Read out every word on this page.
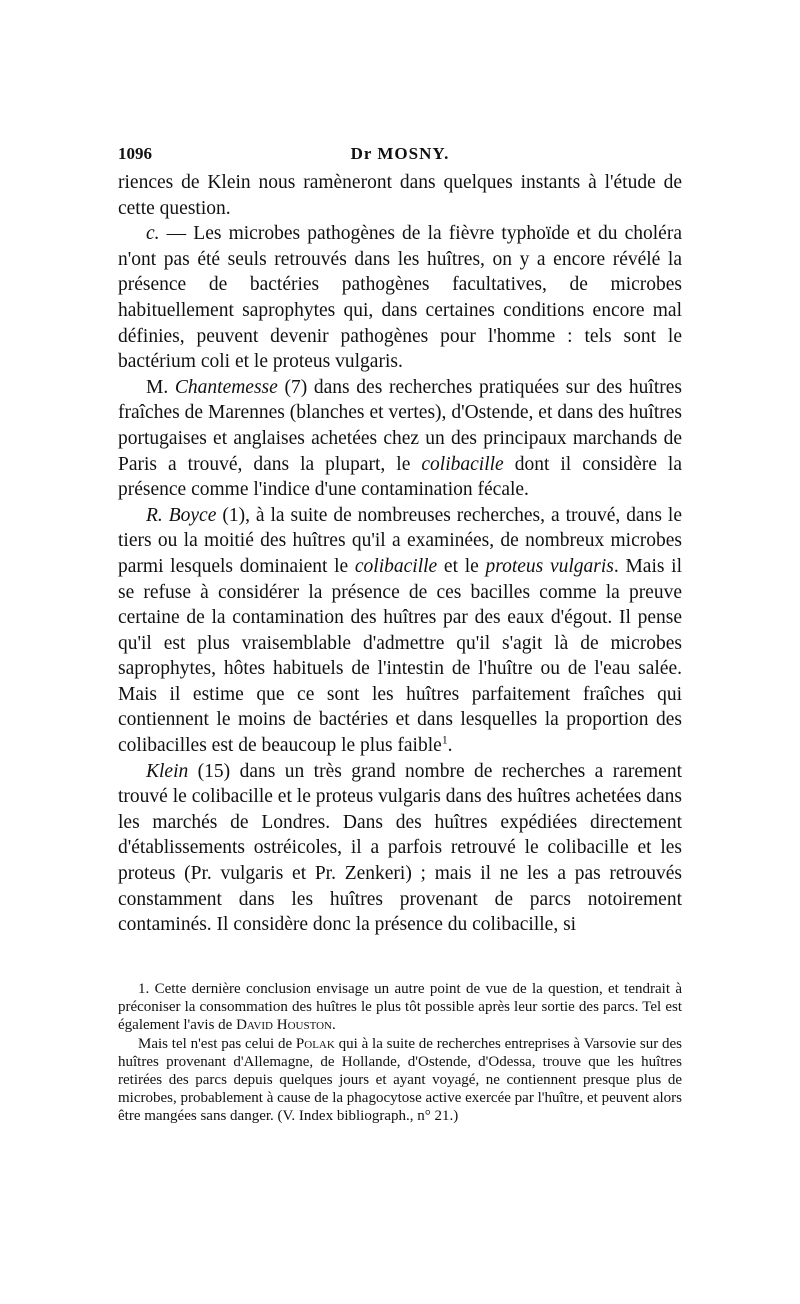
1096	Dr MOSNY.

riences de Klein nous ramèneront dans quelques instants à l'étude de cette question.

c. — Les microbes pathogènes de la fièvre typhoïde et du choléra n'ont pas été seuls retrouvés dans les huîtres, on y a encore révélé la présence de bactéries pathogènes facultatives, de microbes habituellement saprophytes qui, dans certaines conditions encore mal définies, peuvent devenir pathogènes pour l'homme : tels sont le bactérium coli et le proteus vulgaris.

M. Chantemesse (7) dans des recherches pratiquées sur des huîtres fraîches de Marennes (blanches et vertes), d'Ostende, et dans des huîtres portugaises et anglaises achetées chez un des principaux marchands de Paris a trouvé, dans la plupart, le colibacille dont il considère la présence comme l'indice d'une contamination fécale.

R. Boyce (1), à la suite de nombreuses recherches, a trouvé, dans le tiers ou la moitié des huîtres qu'il a examinées, de nombreux microbes parmi lesquels dominaient le colibacille et le proteus vulgaris. Mais il se refuse à considérer la présence de ces bacilles comme la preuve certaine de la contamination des huîtres par des eaux d'égout. Il pense qu'il est plus vraisemblable d'admettre qu'il s'agit là de microbes saprophytes, hôtes habituels de l'intestin de l'huître ou de l'eau salée. Mais il estime que ce sont les huîtres parfaitement fraîches qui contiennent le moins de bactéries et dans lesquelles la proportion des colibacilles est de beaucoup le plus faible$^1$.

Klein (15) dans un très grand nombre de recherches a rarement trouvé le colibacille et le proteus vulgaris dans des huîtres achetées dans les marchés de Londres. Dans des huîtres expédiées directement d'établissements ostréicoles, il a parfois retrouvé le colibacille et les proteus (Pr. vulgaris et Pr. Zenkeri) ; mais il ne les a pas retrouvés constamment dans les huîtres provenant de parcs notoirement contaminés. Il considère donc la présence du colibacille, si

1. Cette dernière conclusion envisage un autre point de vue de la question, et tendrait à préconiser la consommation des huîtres le plus tôt possible après leur sortie des parcs. Tel est également l'avis de David Houston.

Mais tel n'est pas celui de Polak qui à la suite de recherches entreprises à Varsovie sur des huîtres provenant d'Allemagne, de Hollande, d'Ostende, d'Odessa, trouve que les huîtres retirées des parcs depuis quelques jours et ayant voyagé, ne contiennent presque plus de microbes, probablement à cause de la phagocytose active exercée par l'huître, et peuvent alors être mangées sans danger. (V. Index bibliograph., n° 21.)
